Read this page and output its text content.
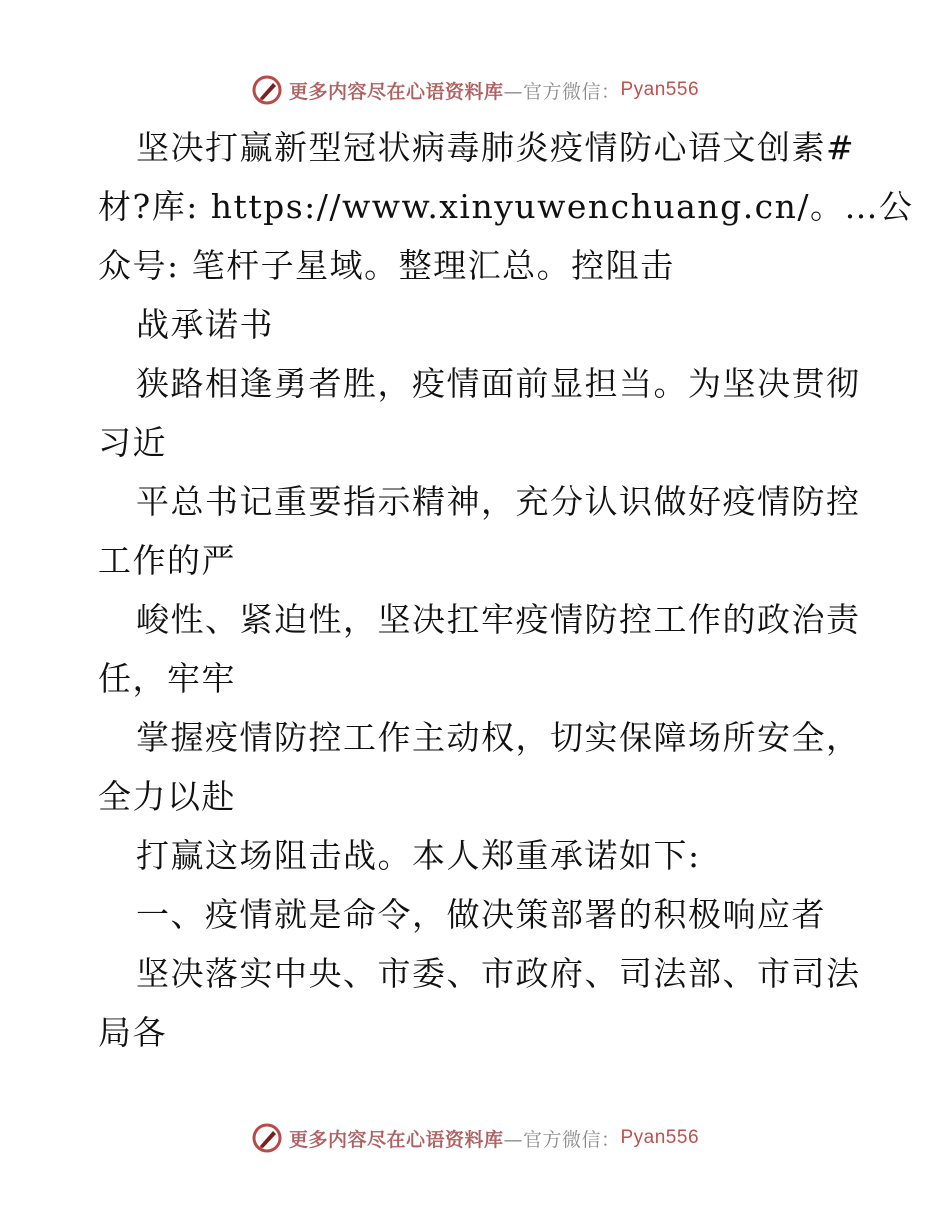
更多内容尽在心语资料库 —官方微信： Pyan556
坚决打赢新型冠状病毒肺炎疫情防心语文创素#
材?库: https://www.xinyuwenchuang.cn/。…公
众号: 笔杆子星域。整理汇总。控阻击
战承诺书
狭路相逢勇者胜，疫情面前显担当。为坚决贯彻
习近
平总书记重要指示精神，充分认识做好疫情防控
工作的严
峻性、紧迫性，坚决扛牢疫情防控工作的政治责
任，牢牢
掌握疫情防控工作主动权，切实保障场所安全，
全力以赴
打赢这场阻击战。本人郑重承诺如下:
一、疫情就是命令，做决策部署的积极响应者
坚决落实中央、市委、市政府、司法部、市司法
局各
更多内容尽在心语资料库 —官方微信： Pyan556
